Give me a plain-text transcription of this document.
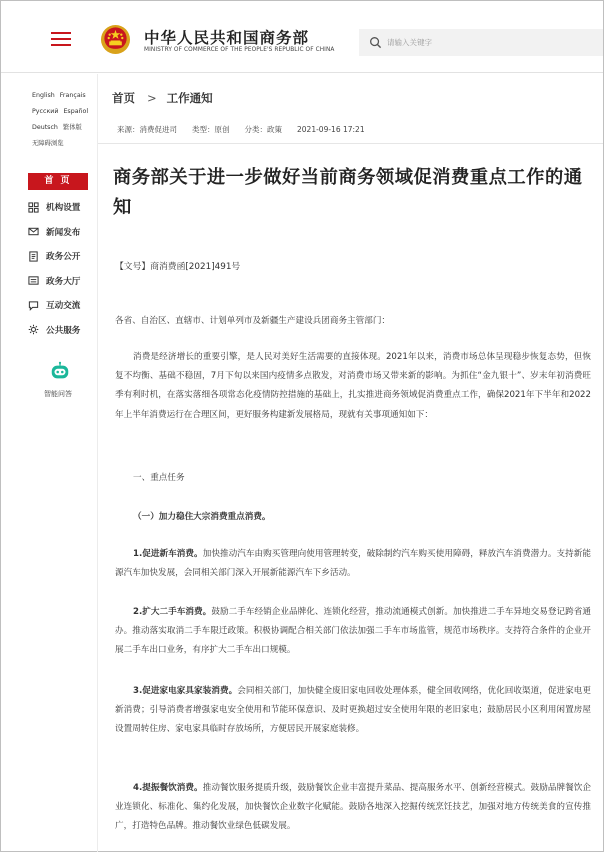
中华人民共和国商务部
MINISTRY OF COMMERCE OF THE PEOPLE'S REPUBLIC OF CHINA
请输入关键字
English Français Русский Español Deutsch 繁体版
无障碍浏览
首 页
机构设置
新闻发布
政务公开
政务大厅
互动交流
公共服务
智能问答
首页 > 工作通知
来源：消费促进司 类型：原创 分类：政策 2021-09-16 17:21
商务部关于进一步做好当前商务领域促消费重点工作的通知
【文号】商消费函[2021]491号
各省、自治区、直辖市、计划单列市及新疆生产建设兵团商务主管部门：
消费是经济增长的重要引擎，是人民对美好生活需要的直接体现。2021年以来，消费市场总体呈现稳步恢复态势，但恢复不均衡、基础不稳固，7月下旬以来国内疫情多点散发，对消费市场又带来新的影响。为抓住“金九银十”、岁末年初消费旺季有利时机，在落实落细各项常态化疫情防控措施的基础上，扎实推进商务领域促消费重点工作，确保2021年下半年和2022年上半年消费运行在合理区间，更好服务构建新发展格局，现就有关事项通知如下：
一、重点任务
（一）加力稳住大宗消费重点消费。
1.促进新车消费。加快推动汽车由购买管理向使用管理转变，破除制约汽车购买使用障碍，释放汽车消费潜力。支持新能源汽车加快发展，会同相关部门深入开展新能源汽车下乡活动。
2.扩大二手车消费。鼓励二手车经销企业品牌化、连锁化经营，推动流通模式创新。加快推进二手车异地交易登记跨省通办。推动落实取消二手车限迁政策。积极协调配合相关部门依法加强二手车市场监管，规范市场秩序。支持符合条件的企业开展二手车出口业务，有序扩大二手车出口规模。
3.促进家电家具家装消费。会同相关部门，加快健全废旧家电回收处理体系，健全回收网络，优化回收渠道，促进家电更新消费；引导消费者增强家电安全使用和节能环保意识、及时更换超过安全使用年限的老旧家电；鼓励居民小区利用闲置房屋设置周转住房、家电家具临时存放场所，方便居民开展家庭装修。
4.提振餐饮消费。推动餐饮服务提质升级，鼓励餐饮企业丰富提升菜品、提高服务水平、创新经营模式。鼓励品牌餐饮企业连锁化、标准化、集约化发展，加快餐饮企业数字化赋能。鼓励各地深入挖掘传统烹饪技艺，加强对地方传统美食的宣传推广，打造特色品牌。推动餐饮业绿色低碳发展。
